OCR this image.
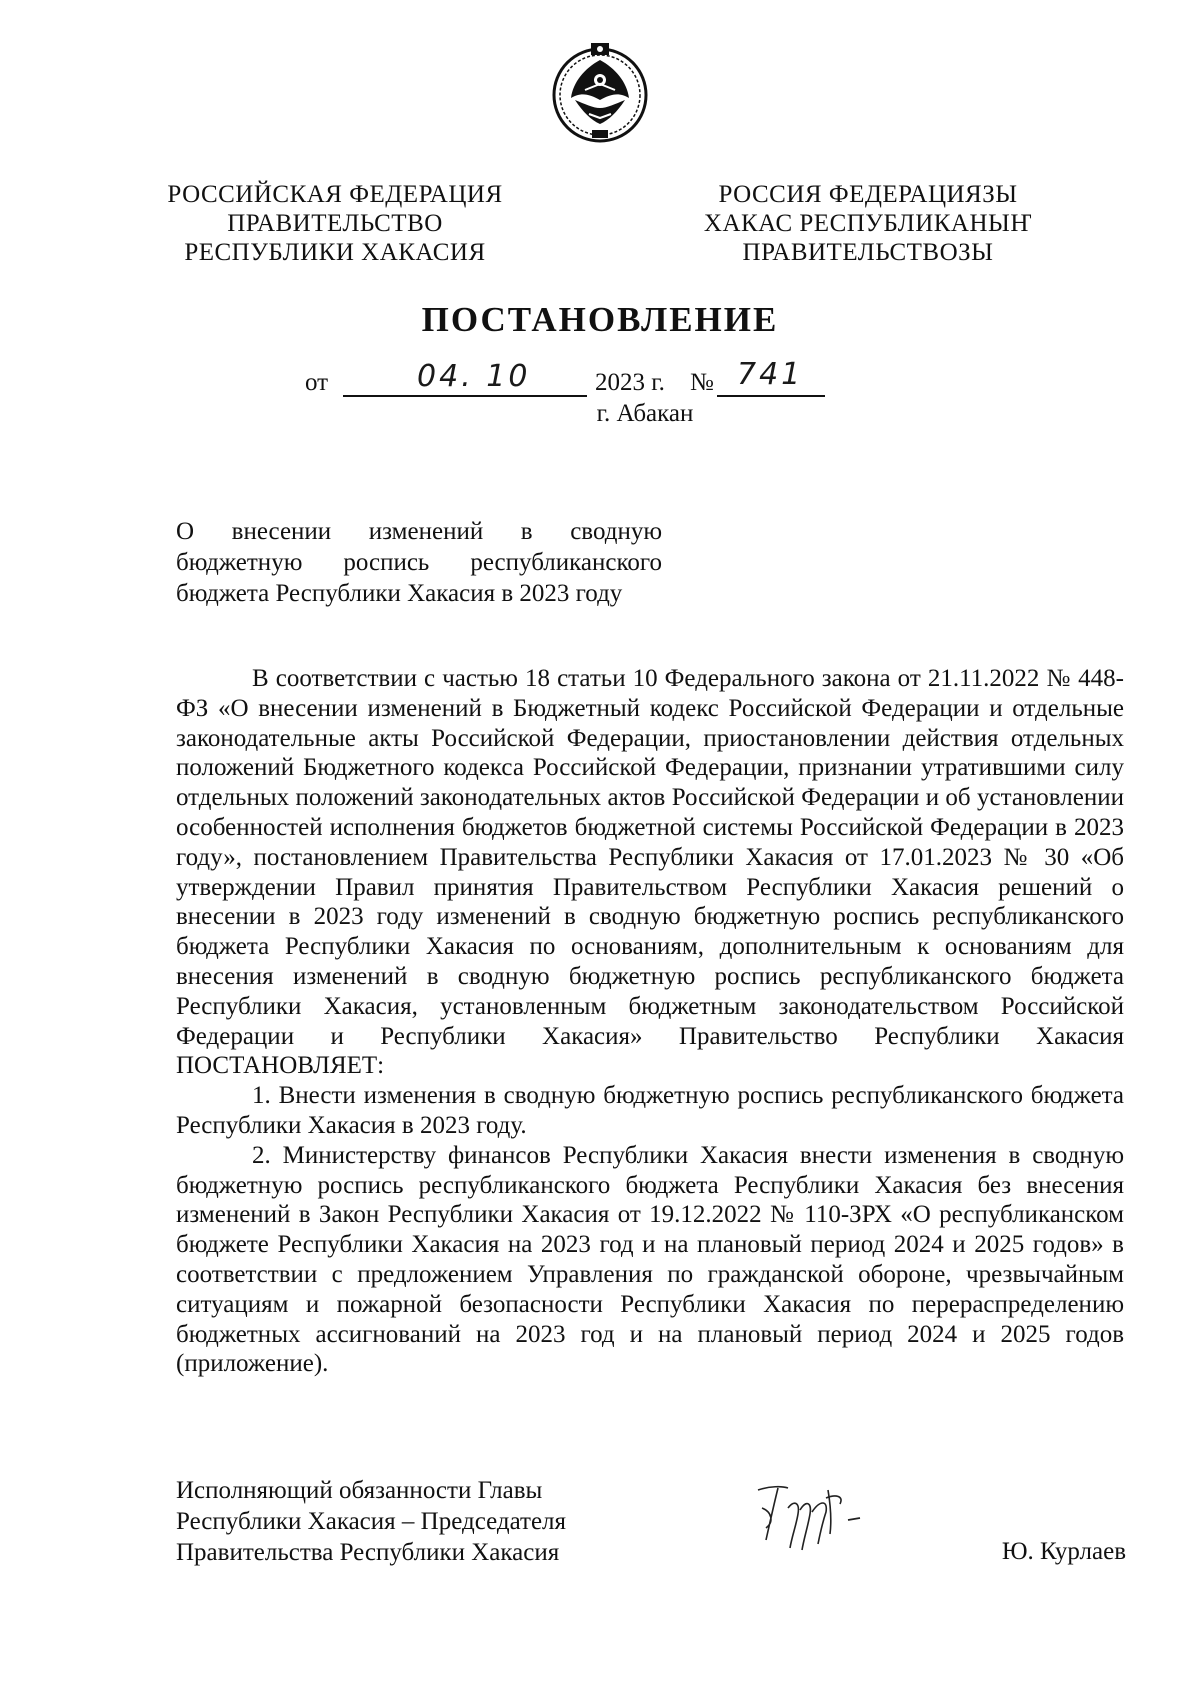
РОССИЙСКАЯ ФЕДЕРАЦИЯ
ПРАВИТЕЛЬСТВО
РЕСПУБЛИКИ ХАКАСИЯ
РОССИЯ ФЕДЕРАЦИЯЗЫ
ХАКАС РЕСПУБЛИКАНЫҤ
ПРАВИТЕЛЬСТВОЗЫ
ПОСТАНОВЛЕНИЕ
от	04. 10	2023 г. № 741
г. Абакан

О внесении изменений в сводную бюджетную роспись республиканского бюджета Республики Хакасия в 2023 году

В соответствии с частью 18 статьи 10 Федерального закона от 21.11.2022 № 448-ФЗ «О внесении изменений в Бюджетный кодекс Российской Федерации и отдельные законодательные акты Российской Федерации, приостановлении действия отдельных положений Бюджетного кодекса Российской Федерации, признании утратившими силу отдельных положений законодательных актов Российской Федерации и об установлении особенностей исполнения бюджетов бюджетной системы Российской Федерации в 2023 году», постановлением Правительства Республики Хакасия от 17.01.2023 № 30 «Об утверждении Правил принятия Правительством Республики Хакасия решений о внесении в 2023 году изменений в сводную бюджетную роспись республиканского бюджета Республики Хакасия по основаниям, дополнительным к основаниям для внесения изменений в сводную бюджетную роспись республиканского бюджета Республики Хакасия, установленным бюджетным законодательством Российской Федерации и Республики Хакасия» Правительство Республики Хакасия ПОСТАНОВЛЯЕТ:

1. Внести изменения в сводную бюджетную роспись республиканского бюджета Республики Хакасия в 2023 году.

2. Министерству финансов Республики Хакасия внести изменения в сводную бюджетную роспись республиканского бюджета Республики Хакасия без внесения изменений в Закон Республики Хакасия от 19.12.2022 № 110-ЗРХ «О республиканском бюджете Республики Хакасия на 2023 год и на плановый период 2024 и 2025 годов» в соответствии с предложением Управления по гражданской обороне, чрезвычайным ситуациям и пожарной безопасности Республики Хакасия по перераспределению бюджетных ассигнований на 2023 год и на плановый период 2024 и 2025 годов (приложение).

Исполняющий обязанности Главы
Республики Хакасия – Председателя
Правительства Республики Хакасия	Ю. Курлаев
